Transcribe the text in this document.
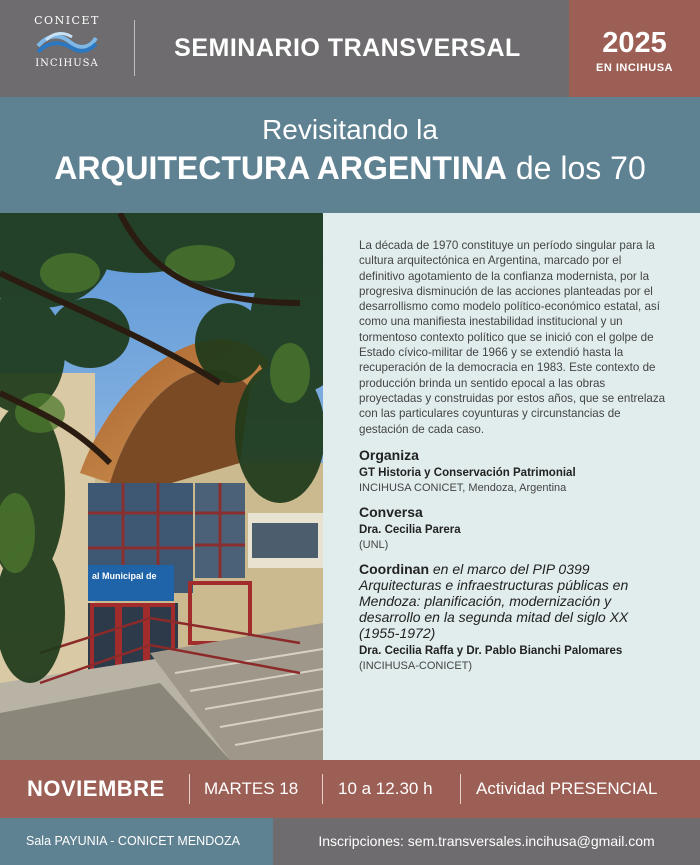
CONICET
INCIHUSA
SEMINARIO TRANSVERSAL	2025
EN INCIHUSA
Revisitando la
ARQUITECTURA ARGENTINA de los 70
al Municipal de

La década de 1970 constituye un período singular para la cultura arquitectónica en Argentina, marcado por el definitivo agotamiento de la confianza modernista, por la progresiva disminución de las acciones planteadas por el desarrollismo como modelo político-económico estatal, así como una manifiesta inestabilidad institucional y un tormentoso contexto político que se inició con el golpe de Estado cívico-militar de 1966 y se extendió hasta la recuperación de la democracia en 1983. Este contexto de producción brinda un sentido epocal a las obras proyectadas y construidas por estos años, que se entrelaza con las particulares coyunturas y circunstancias de gestación de cada caso.

Organiza
GT Historia y Conservación Patrimonial
INCIHUSA CONICET, Mendoza, Argentina
Conversa
Dra. Cecilia Parera
(UNL)
Coordinan en el marco del PIP 0399 Arquitecturas e infraestructuras públicas en Mendoza: planificación, modernización y desarrollo en la segunda mitad del siglo XX (1955-1972)
Dra. Cecilia Raffa y Dr. Pablo Bianchi Palomares
(INCIHUSA-CONICET)
NOVIEMBRE MARTES 18 10 a 12.30 h	Actividad PRESENCIAL
Sala PAYUNIA - CONICET MENDOZA	Inscripciones: sem.transversales.incihusa@gmail.com
